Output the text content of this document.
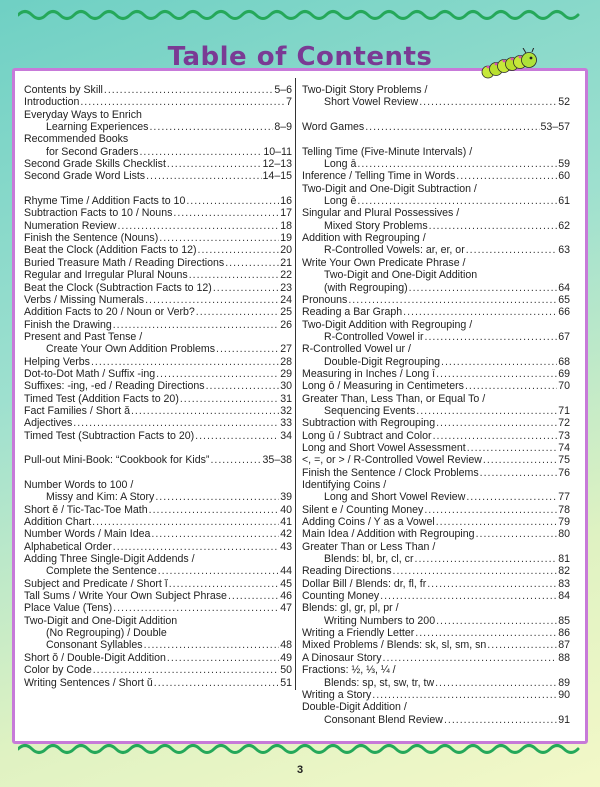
Table of Contents
Contents by Skill .....	5–6
Introduction .....	7
Everyday Ways to Enrich
Learning Experiences .....	8–9
Recommended Books
for Second Graders .....	10–11
Second Grade Skills Checklist .....	12–13
Second Grade Word Lists .....	14–15
Rhyme Time / Addition Facts to 10 .....	16
Subtraction Facts to 10 / Nouns .....	17
Numeration Review .....	18
Finish the Sentence (Nouns) .....	19
Beat the Clock (Addition Facts to 12) .....	20
Buried Treasure Math / Reading Directions .....	21
Regular and Irregular Plural Nouns .....	22
Beat the Clock (Subtraction Facts to 12) .....	23
Verbs / Missing Numerals .....	24
Addition Facts to 20 / Noun or Verb? .....	25
Finish the Drawing .....	26
Present and Past Tense /
Create Your Own Addition Problems .....	27
Helping Verbs .....	28
Dot-to-Dot Math / Suffix -ing .....	29
Suffixes: -ing, -ed / Reading Directions .....	30
Timed Test (Addition Facts to 20) .....	31
Fact Families / Short ă .....	32
Adjectives .....	33
Timed Test (Subtraction Facts to 20) .....	34
Pull-out Mini-Book: “Cookbook for Kids” .....	35–38
Number Words to 100 /
Missy and Kim: A Story .....	39
Short ĕ / Tic-Tac-Toe Math .....	40
Addition Chart .....	41
Number Words / Main Idea .....	42
Alphabetical Order .....	43
Adding Three Single-Digit Addends /
Complete the Sentence .....	44
Subject and Predicate / Short ĭ .....	45
Tall Sums / Write Your Own Subject Phrase .....	46
Place Value (Tens) .....	47
Two-Digit and One-Digit Addition
(No Regrouping) / Double
Consonant Syllables .....	48
Short ŏ / Double-Digit Addition .....	49
Color by Code .....	50
Writing Sentences / Short ŭ .....	51
Two-Digit Story Problems /
Short Vowel Review .....	52
Word Games .....	53–57
Telling Time (Five-Minute Intervals) /
Long ā .....	59
Inference / Telling Time in Words .....	60
Two-Digit and One-Digit Subtraction /
Long ē .....	61
Singular and Plural Possessives /
Mixed Story Problems .....	62
Addition with Regrouping /
R-Controlled Vowels: ar, er, or .....	63
Write Your Own Predicate Phrase /
Two-Digit and One-Digit Addition
(with Regrouping) .....	64
Pronouns .....	65
Reading a Bar Graph .....	66
Two-Digit Addition with Regrouping /
R-Controlled Vowel ir .....	67
R-Controlled Vowel ur /
Double-Digit Regrouping .....	68
Measuring in Inches / Long ī .....	69
Long ō / Measuring in Centimeters .....	70
Greater Than, Less Than, or Equal To /
Sequencing Events .....	71
Subtraction with Regrouping .....	72
Long ū / Subtract and Color .....	73
Long and Short Vowel Assessment .....	74
<, =, or > / R-Controlled Vowel Review .....	75
Finish the Sentence / Clock Problems .....	76
Identifying Coins /
Long and Short Vowel Review .....	77
Silent e / Counting Money .....	78
Adding Coins / Y as a Vowel .....	79
Main Idea / Addition with Regrouping .....	80
Greater Than or Less Than /
Blends: bl, br, cl, cr .....	81
Reading Directions .....	82
Dollar Bill / Blends: dr, fl, fr .....	83
Counting Money .....	84
Blends: gl, gr, pl, pr /
Writing Numbers to 200 .....	85
Writing a Friendly Letter .....	86
Mixed Problems / Blends: sk, sl, sm, sn .....	87
A Dinosaur Story .....	88
Fractions: ½, ⅓, ¼ /
Blends: sp, st, sw, tr, tw .....	89
Writing a Story .....	90
Double-Digit Addition /
Consonant Blend Review .....	91
3
